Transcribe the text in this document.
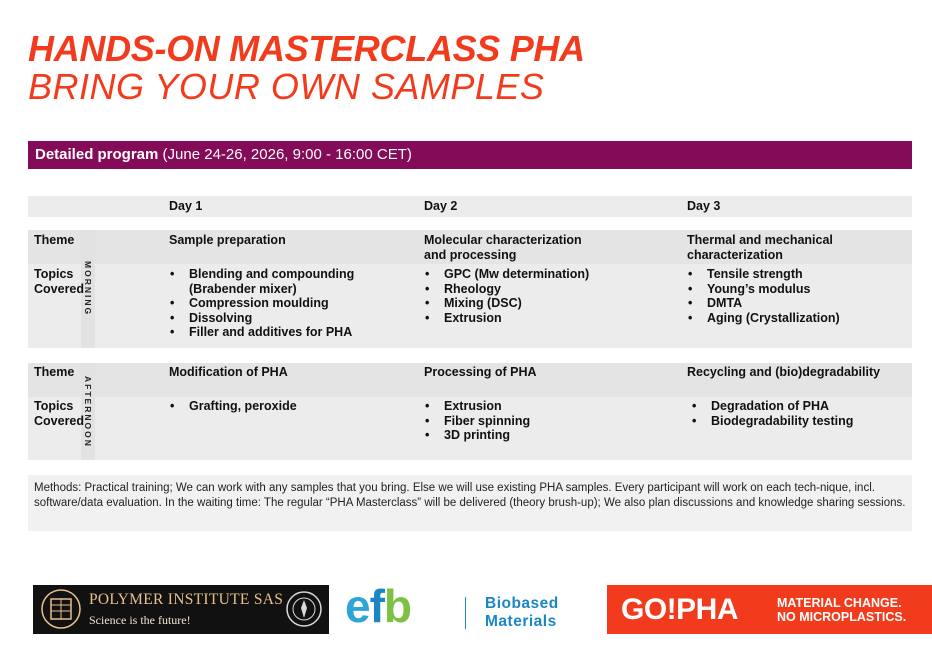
HANDS-ON MASTERCLASS PHA
BRING YOUR OWN SAMPLES
Detailed program (June 24-26, 2026, 9:00 - 16:00 CET)
Day 1	Day 2	Day 3
MORNING
Theme	Sample preparation	Molecular characterization
and processing
Thermal and mechanical
characterization
Topics
Covered
• Blending and compounding
(Brabender mixer)
• Compression moulding
• Dissolving
• Filler and additives for PHA
• GPC (Mw determination)
• Rheology
• Mixing (DSC)
• Extrusion
• Tensile strength
• Young’s modulus
• DMTA
• Aging (Crystallization)
AFTERNOON
Theme	Modification of PHA	Processing of PHA	Recycling and (bio)degradability
Topics
Covered
• Grafting, peroxide
•	Extrusion
• Fiber spinning
• 3D printing
• Degradation of PHA
• Biodegradability testing
Methods: Practical training; We can work with any samples that you bring. Else we will use existing PHA samples. Every participant will work on each tech-nique, incl. software/data evaluation. In the waiting time: The regular “PHA Masterclass” will be delivered (theory brush-up); We also plan discussions and knowledge sharing sessions.
POLYMER INSTITUTE SAS
Science is the future!	efb	Biobased
Materials GO!PHA	MATERIAL CHANGE.
NO MICROPLASTICS.
